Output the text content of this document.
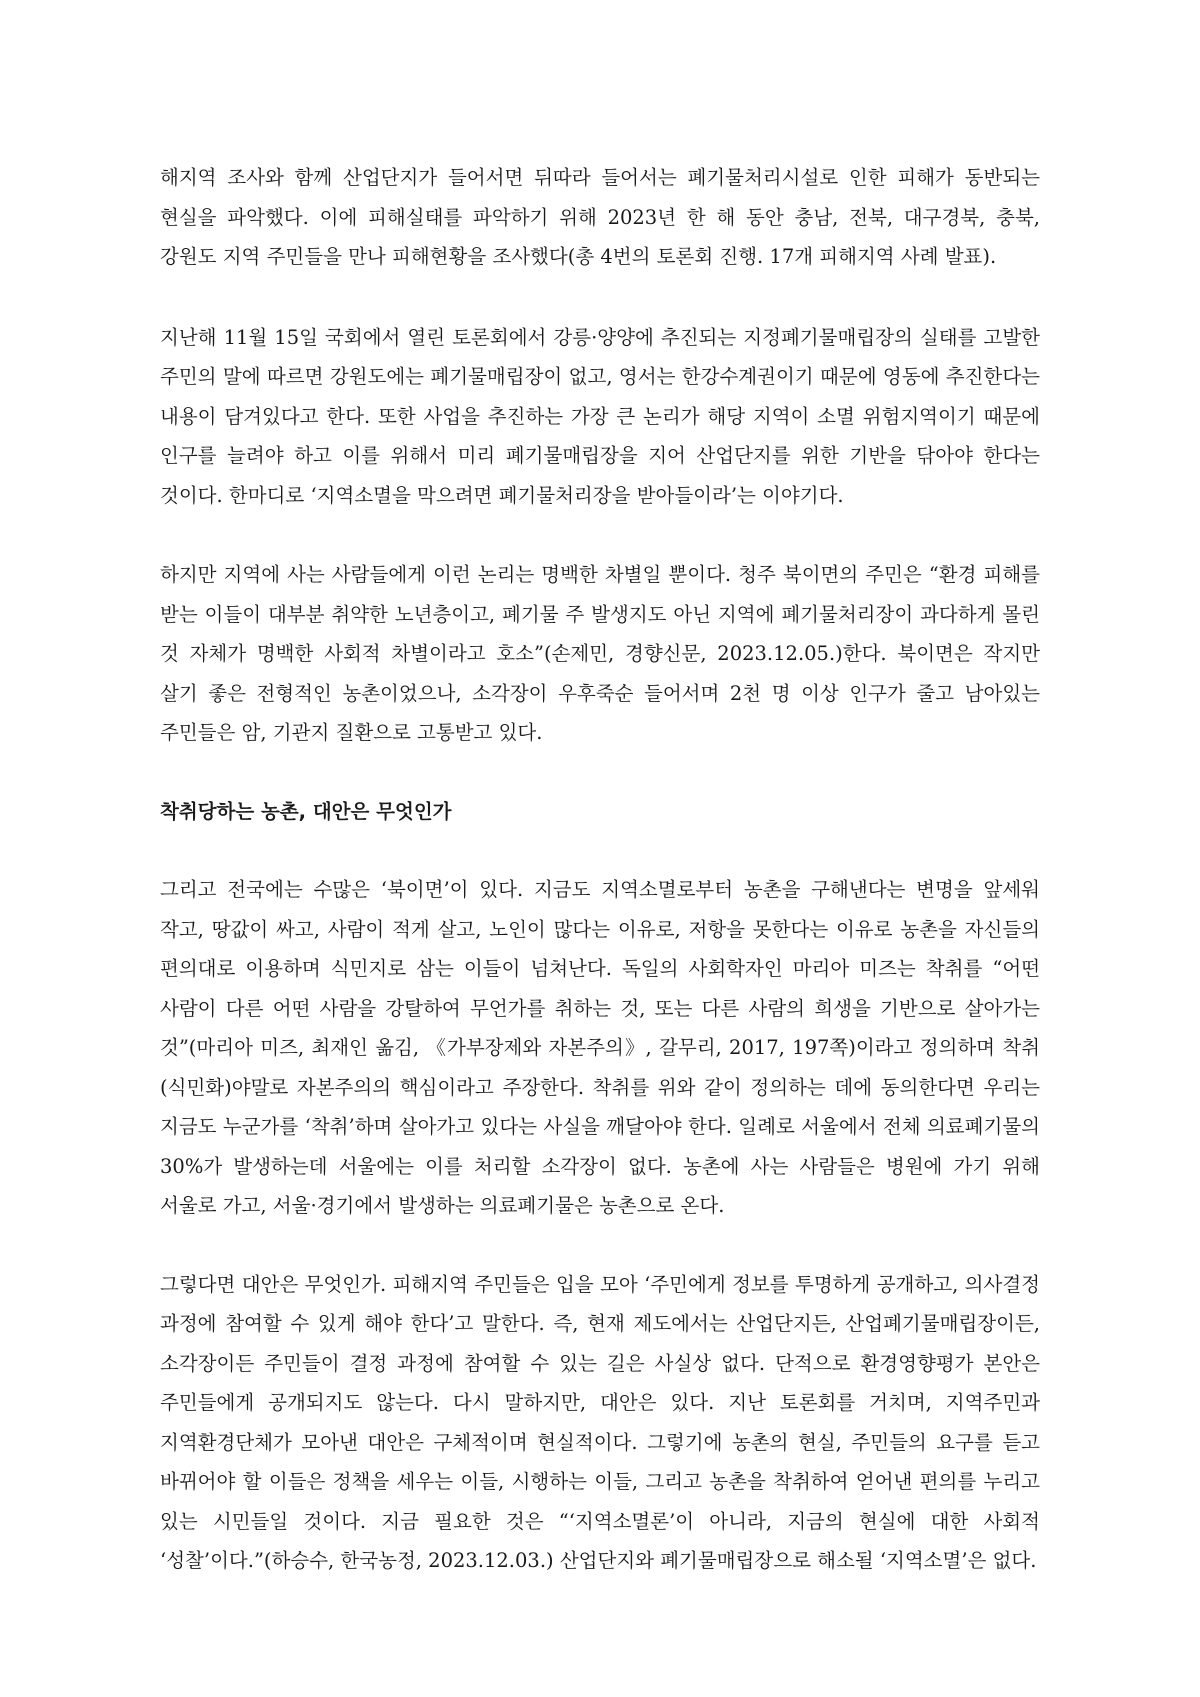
해지역 조사와 함께 산업단지가 들어서면 뒤따라 들어서는 폐기물처리시설로 인한 피해가 동반되는 현실을 파악했다. 이에 피해실태를 파악하기 위해 2023년 한 해 동안 충남, 전북, 대구경북, 충북, 강원도 지역 주민들을 만나 피해현황을 조사했다(총 4번의 토론회 진행. 17개 피해지역 사례 발표).

지난해 11월 15일 국회에서 열린 토론회에서 강릉·양양에 추진되는 지정폐기물매립장의 실태를 고발한 주민의 말에 따르면 강원도에는 폐기물매립장이 없고, 영서는 한강수계권이기 때문에 영동에 추진한다는 내용이 담겨있다고 한다. 또한 사업을 추진하는 가장 큰 논리가 해당 지역이 소멸 위험지역이기 때문에 인구를 늘려야 하고 이를 위해서 미리 폐기물매립장을 지어 산업단지를 위한 기반을 닦아야 한다는 것이다. 한마디로 ‘지역소멸을 막으려면 폐기물처리장을 받아들이라’는 이야기다.

하지만 지역에 사는 사람들에게 이런 논리는 명백한 차별일 뿐이다. 청주 북이면의 주민은 “환경 피해를 받는 이들이 대부분 취약한 노년층이고, 폐기물 주 발생지도 아닌 지역에 폐기물처리장이 과다하게 몰린 것 자체가 명백한 사회적 차별이라고 호소”(손제민, 경향신문, 2023.12.05.)한다. 북이면은 작지만 살기 좋은 전형적인 농촌이었으나, 소각장이 우후죽순 들어서며 2천 명 이상 인구가 줄고 남아있는 주민들은 암, 기관지 질환으로 고통받고 있다.

착취당하는 농촌, 대안은 무엇인가

그리고 전국에는 수많은 ‘북이면’이 있다. 지금도 지역소멸로부터 농촌을 구해낸다는 변명을 앞세워 작고, 땅값이 싸고, 사람이 적게 살고, 노인이 많다는 이유로, 저항을 못한다는 이유로 농촌을 자신들의 편의대로 이용하며 식민지로 삼는 이들이 넘쳐난다. 독일의 사회학자인 마리아 미즈는 착취를 “어떤 사람이 다른 어떤 사람을 강탈하여 무언가를 취하는 것, 또는 다른 사람의 희생을 기반으로 살아가는 것”(마리아 미즈, 최재인 옮김, 《가부장제와 자본주의》, 갈무리, 2017, 197쪽)이라고 정의하며 착취(식민화)야말로 자본주의의 핵심이라고 주장한다. 착취를 위와 같이 정의하는 데에 동의한다면 우리는 지금도 누군가를 ‘착취’하며 살아가고 있다는 사실을 깨달아야 한다. 일례로 서울에서 전체 의료폐기물의 30%가 발생하는데 서울에는 이를 처리할 소각장이 없다. 농촌에 사는 사람들은 병원에 가기 위해 서울로 가고, 서울·경기에서 발생하는 의료폐기물은 농촌으로 온다.

그렇다면 대안은 무엇인가. 피해지역 주민들은 입을 모아 ‘주민에게 정보를 투명하게 공개하고, 의사결정 과정에 참여할 수 있게 해야 한다’고 말한다. 즉, 현재 제도에서는 산업단지든, 산업폐기물매립장이든, 소각장이든 주민들이 결정 과정에 참여할 수 있는 길은 사실상 없다. 단적으로 환경영향평가 본안은 주민들에게 공개되지도 않는다. 다시 말하지만, 대안은 있다. 지난 토론회를 거치며, 지역주민과 지역환경단체가 모아낸 대안은 구체적이며 현실적이다. 그렇기에 농촌의 현실, 주민들의 요구를 듣고 바뀌어야 할 이들은 정책을 세우는 이들, 시행하는 이들, 그리고 농촌을 착취하여 얻어낸 편의를 누리고 있는 시민들일 것이다. 지금 필요한 것은 “‘지역소멸론’이 아니라, 지금의 현실에 대한 사회적 ‘성찰’이다.”(하승수, 한국농정, 2023.12.03.) 산업단지와 폐기물매립장으로 해소될 ‘지역소멸’은 없다.
